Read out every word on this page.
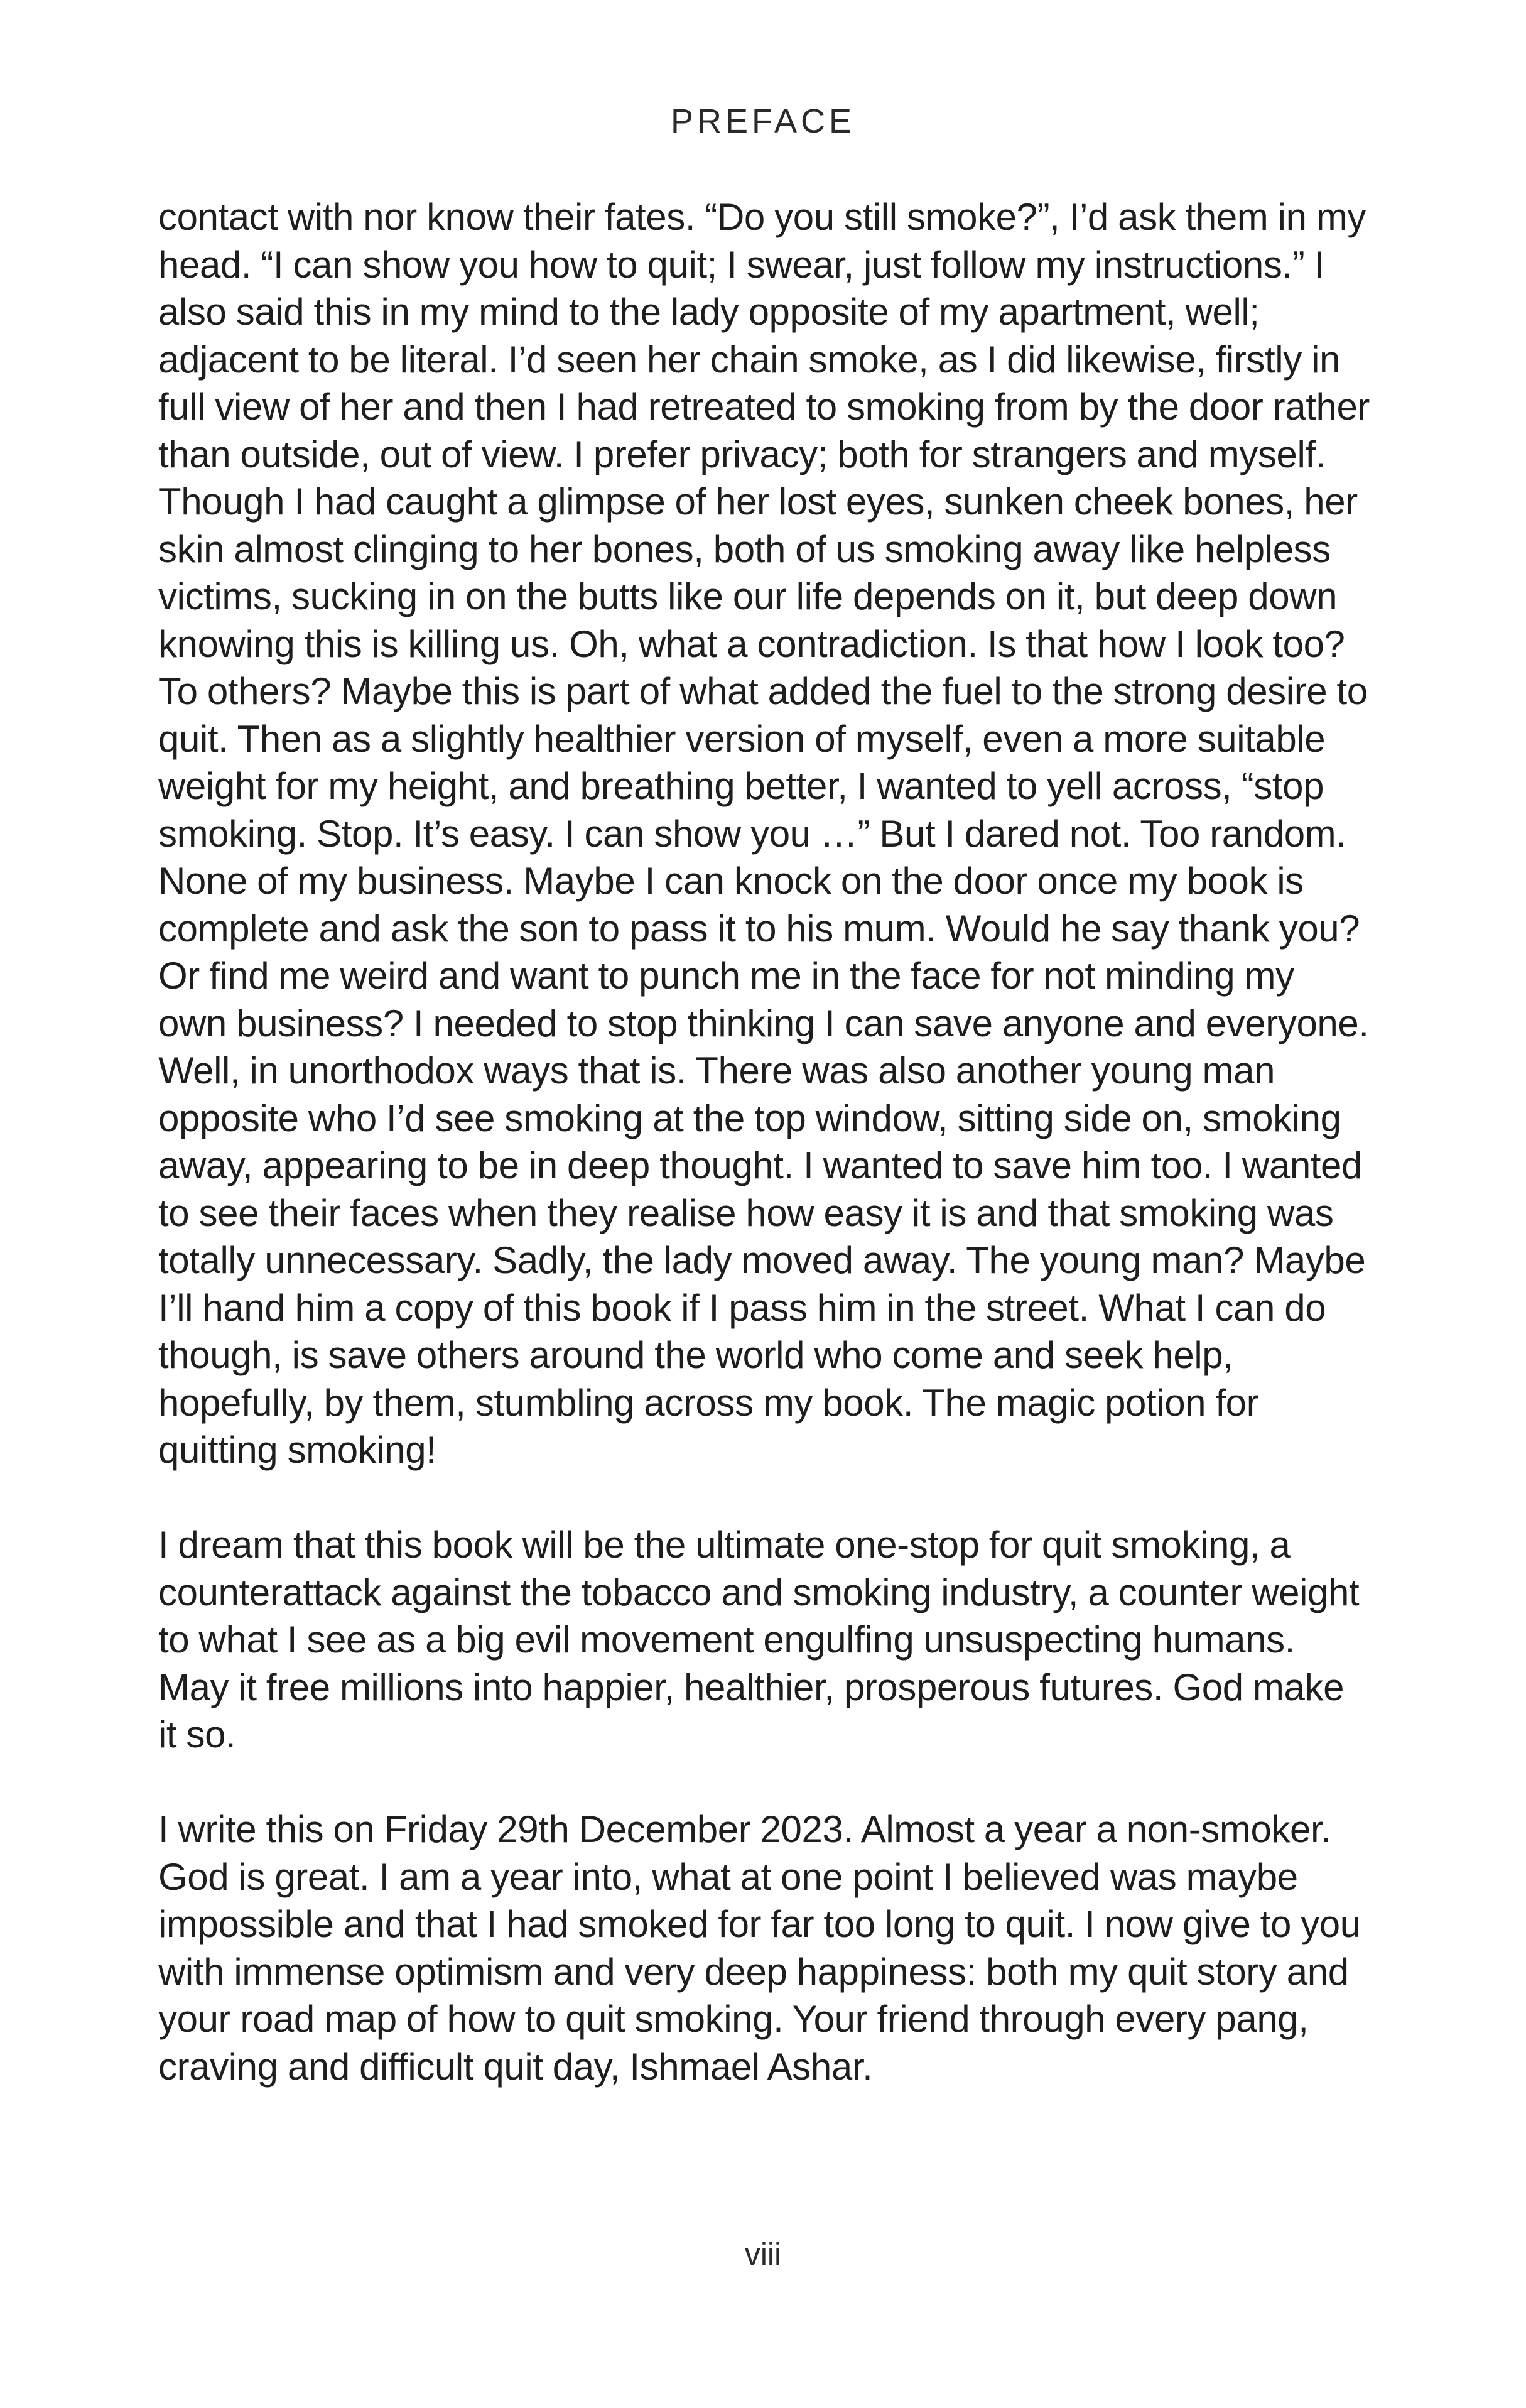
PREFACE

contact with nor know their fates. “Do you still smoke?”, I’d ask them in my head. “I can show you how to quit; I swear, just follow my instructions.” I also said this in my mind to the lady opposite of my apartment, well; adjacent to be literal. I’d seen her chain smoke, as I did likewise, firstly in full view of her and then I had retreated to smoking from by the door rather than outside, out of view. I prefer privacy; both for strangers and myself. Though I had caught a glimpse of her lost eyes, sunken cheek bones, her skin almost clinging to her bones, both of us smoking away like helpless victims, sucking in on the butts like our life depends on it, but deep down knowing this is killing us. Oh, what a contradiction. Is that how I look too? To others? Maybe this is part of what added the fuel to the strong desire to quit. Then as a slightly healthier version of myself, even a more suitable weight for my height, and breathing better, I wanted to yell across, “stop smoking. Stop. It’s easy. I can show you …” But I dared not. Too random. None of my business. Maybe I can knock on the door once my book is complete and ask the son to pass it to his mum. Would he say thank you? Or find me weird and want to punch me in the face for not minding my own business? I needed to stop thinking I can save anyone and everyone. Well, in unorthodox ways that is. There was also another young man opposite who I’d see smoking at the top window, sitting side on, smoking away, appearing to be in deep thought. I wanted to save him too. I wanted to see their faces when they realise how easy it is and that smoking was totally unnecessary. Sadly, the lady moved away. The young man? Maybe I’ll hand him a copy of this book if I pass him in the street. What I can do though, is save others around the world who come and seek help, hopefully, by them, stumbling across my book. The magic potion for quitting smoking!

I dream that this book will be the ultimate one-stop for quit smoking, a counterattack against the tobacco and smoking industry, a counter weight to what I see as a big evil movement engulfing unsuspecting humans. May it free millions into happier, healthier, prosperous futures. God make it so.

I write this on Friday 29th December 2023. Almost a year a non-smoker. God is great. I am a year into, what at one point I believed was maybe impossible and that I had smoked for far too long to quit. I now give to you with immense optimism and very deep happiness: both my quit story and your road map of how to quit smoking. Your friend through every pang, craving and difficult quit day, Ishmael Ashar.

viii
